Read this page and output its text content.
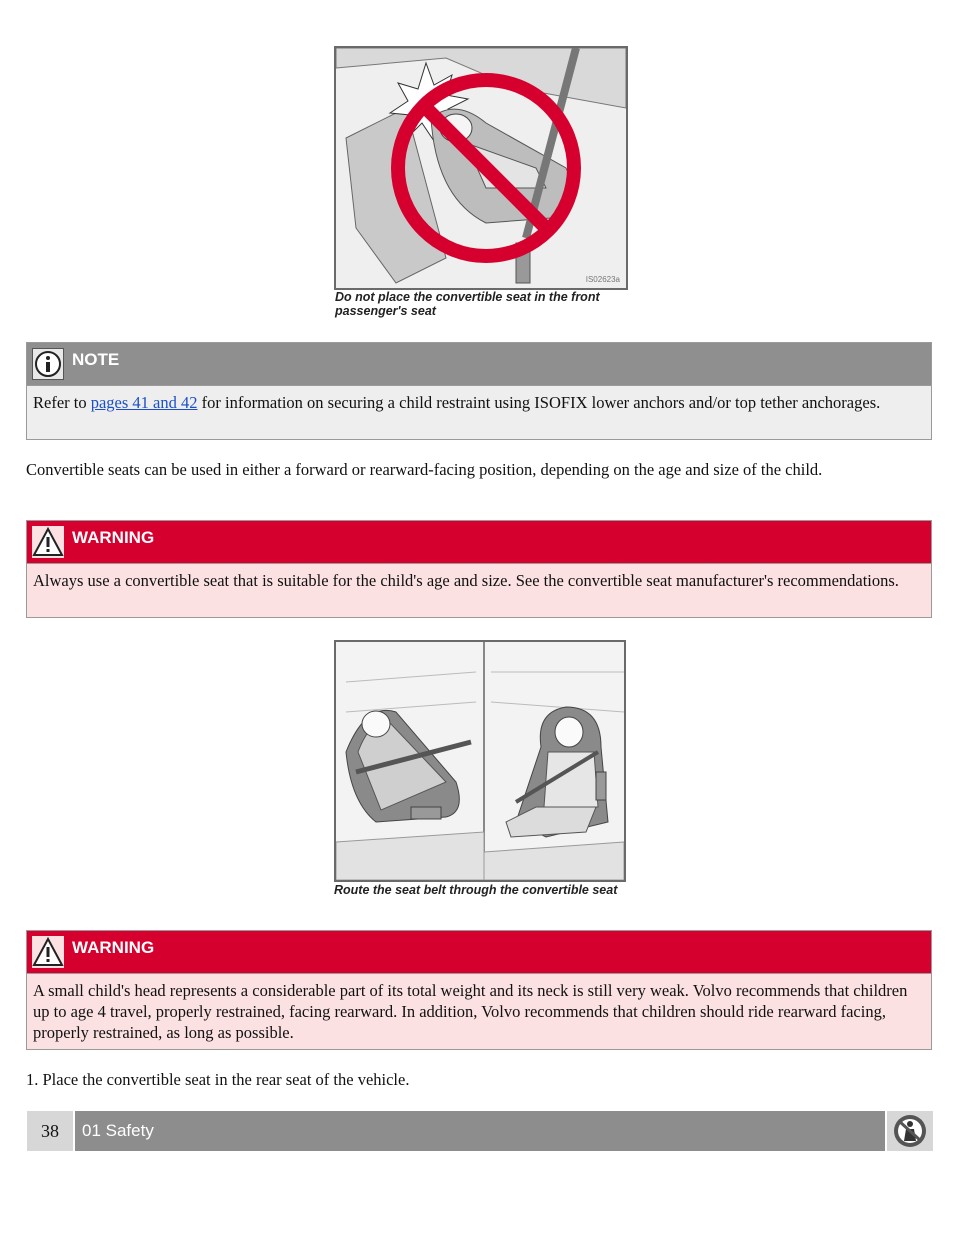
IS02623a
Do not place the convertible seat in the front
passenger's seat
NOTE
Refer to pages 41 and 42 for information on securing a child restraint using ISOFIX lower anchors and/or top tether anchorages.
Convertible seats can be used in either a forward or rearward-facing position, depending on the age and size of the child.
WARNING
Always use a convertible seat that is suitable for the child's age and size. See the convertible seat manufacturer's recommendations.
Route the seat belt through the convertible seat
WARNING
A small child's head represents a considerable part of its total weight and its neck is still very weak. Volvo recommends that children up to age 4 travel, properly restrained, facing rearward. In addition, Volvo recommends that children should ride rearward facing, properly restrained, as long as possible.
1. Place the convertible seat in the rear seat of the vehicle.
38	01 Safety
